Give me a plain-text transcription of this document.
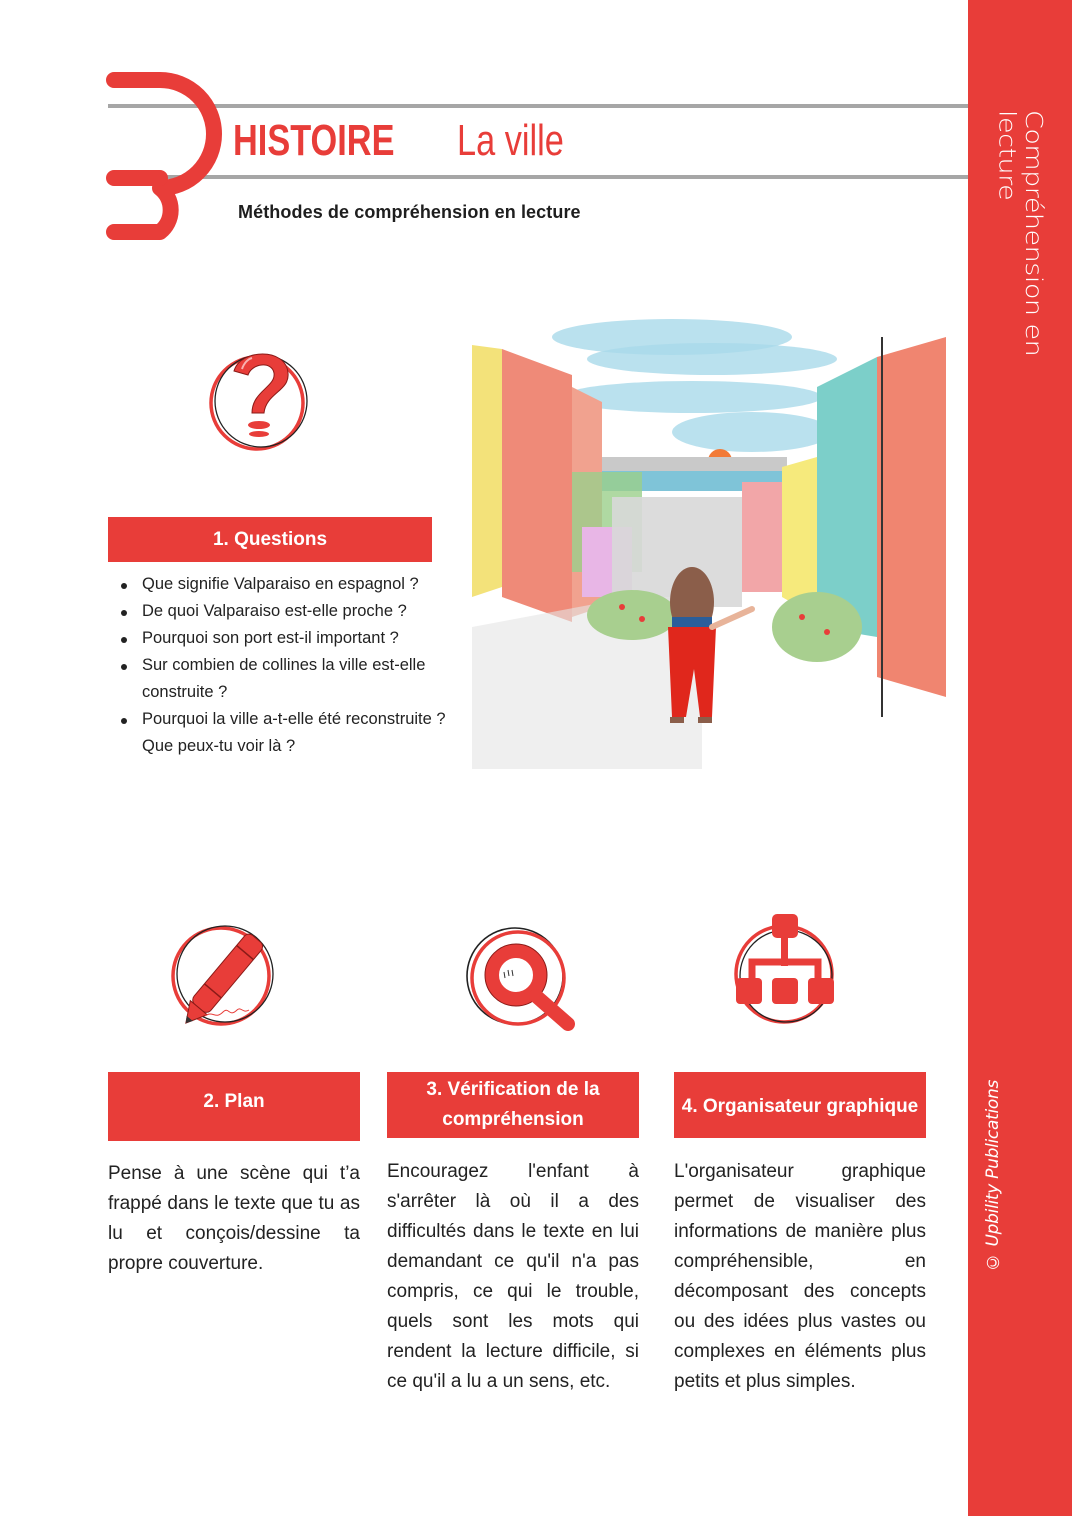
Compréhension en lecture
© Upbility Publications
HISTOIRE La ville
Méthodes de compréhension en lecture
1. Questions
Que signifie Valparaiso en espagnol ?
De quoi Valparaiso est-elle proche ?
Pourquoi son port est-il important ?
Sur combien de collines la ville est-elle construite ?
Pourquoi la ville a-t-elle été reconstruite ? Que peux-tu voir là ?
2. Plan

Pense à une scène qui t’a frappé dans le texte que tu as lu et conçois/dessine ta propre couverture.

3. Vérification de la compréhension

Encouragez l'enfant à s'arrêter là où il a des difficultés dans le texte en lui demandant ce qu'il n'a pas compris, ce qui le trouble, quels sont les mots qui rendent la lecture difficile, si ce qu'il a lu a un sens, etc.

4. Organisateur graphique

L'organisateur graphique permet de visualiser des informations de manière plus compréhensible, en décomposant des concepts ou des idées plus vastes ou complexes en éléments plus petits et plus simples.
